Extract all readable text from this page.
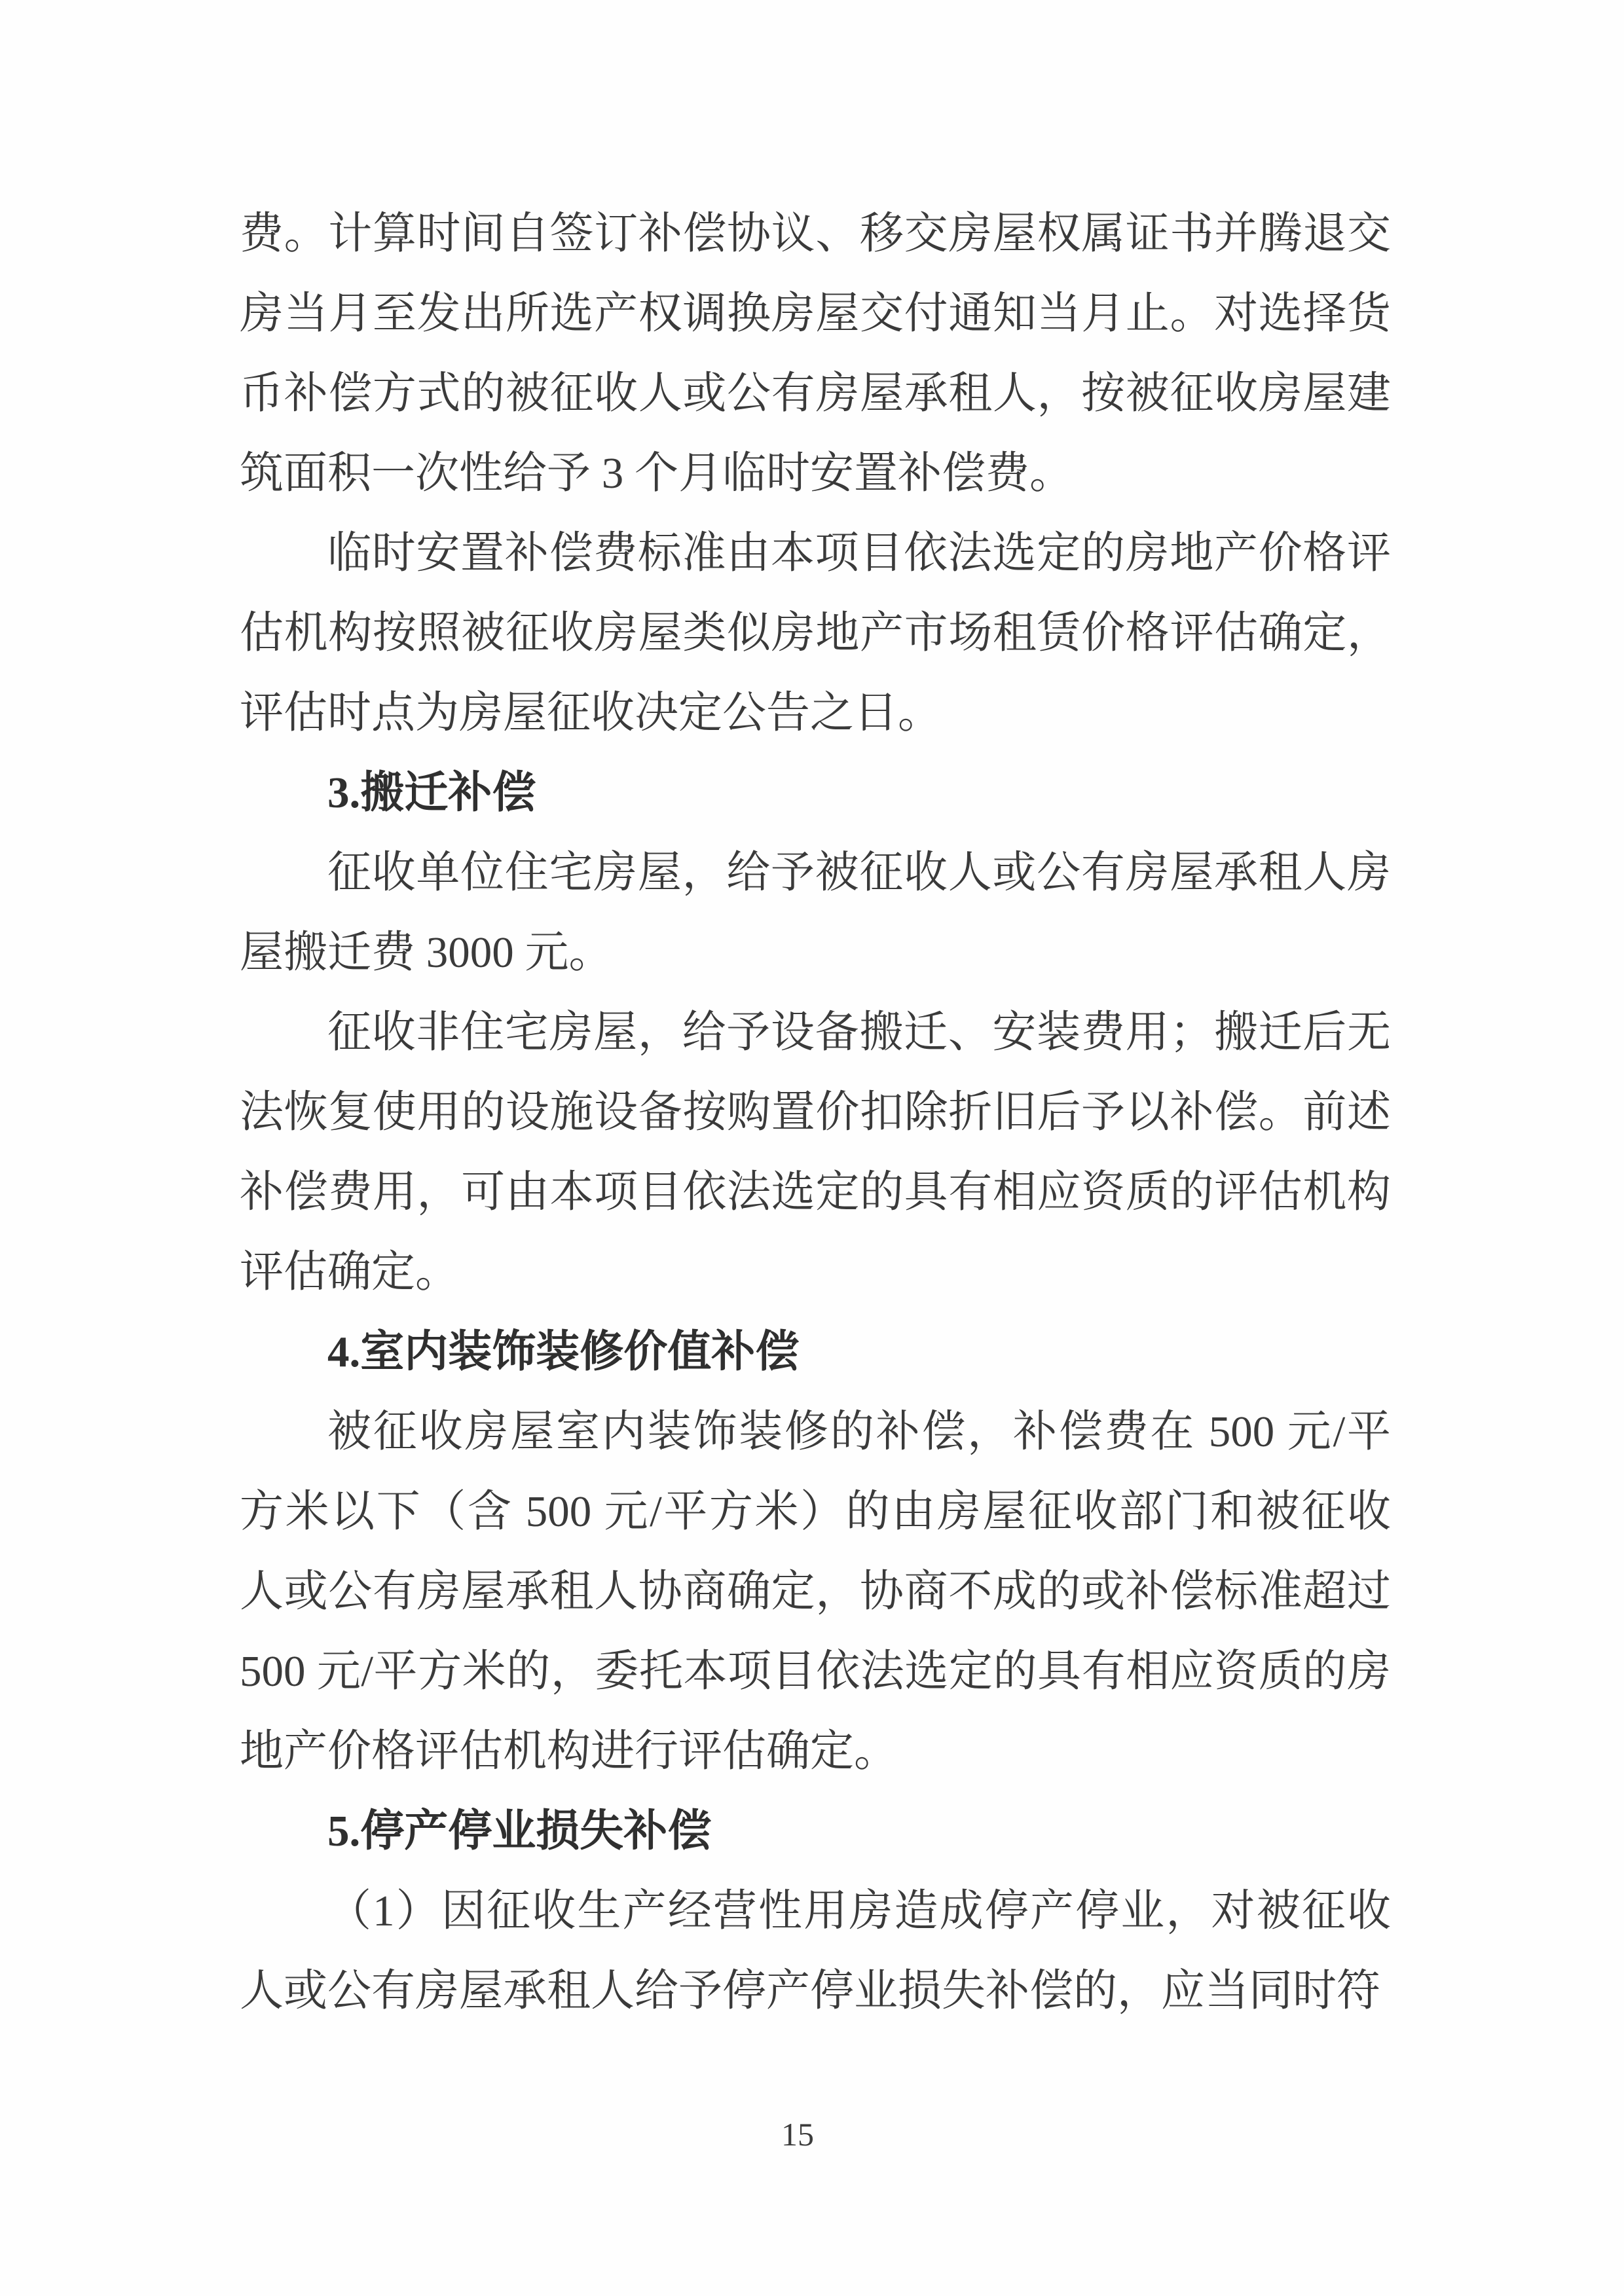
费。计算时间自签订补偿协议、移交房屋权属证书并腾退交房当月至发出所选产权调换房屋交付通知当月止。对选择货币补偿方式的被征收人或公有房屋承租人，按被征收房屋建筑面积一次性给予 3 个月临时安置补偿费。

临时安置补偿费标准由本项目依法选定的房地产价格评估机构按照被征收房屋类似房地产市场租赁价格评估确定，评估时点为房屋征收决定公告之日。

3.搬迁补偿

征收单位住宅房屋，给予被征收人或公有房屋承租人房屋搬迁费 3000 元。

征收非住宅房屋，给予设备搬迁、安装费用；搬迁后无法恢复使用的设施设备按购置价扣除折旧后予以补偿。前述补偿费用，可由本项目依法选定的具有相应资质的评估机构评估确定。

4.室内装饰装修价值补偿

被征收房屋室内装饰装修的补偿，补偿费在 500 元/平方米以下（含 500 元/平方米）的由房屋征收部门和被征收人或公有房屋承租人协商确定，协商不成的或补偿标准超过 500 元/平方米的，委托本项目依法选定的具有相应资质的房地产价格评估机构进行评估确定。

5.停产停业损失补偿

（1）因征收生产经营性用房造成停产停业，对被征收人或公有房屋承租人给予停产停业损失补偿的，应当同时符

15
